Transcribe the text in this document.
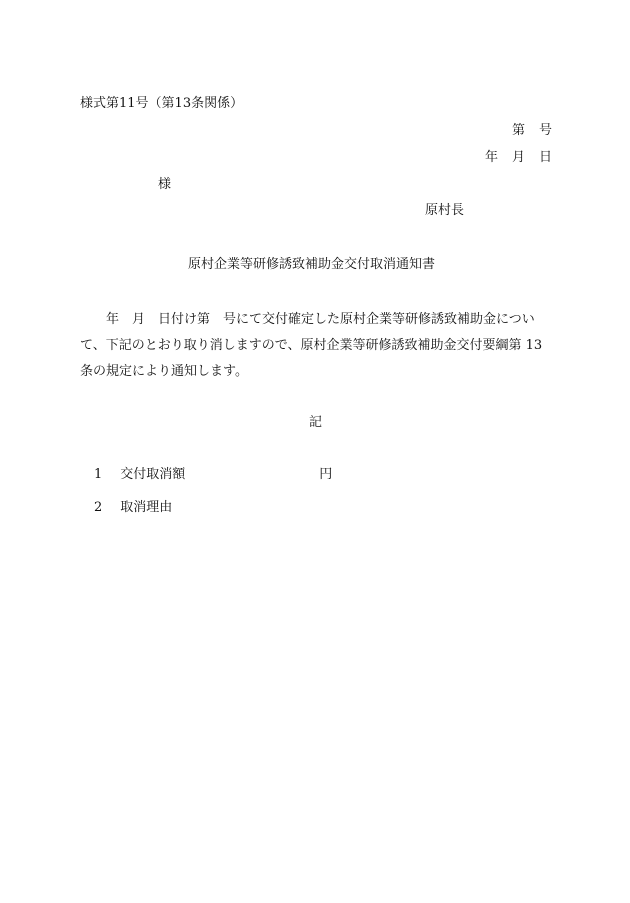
様式第11号（第13条関係）
第 号
年 月 日
様
原村長
原村企業等研修誘致補助金交付取消通知書
年 月 日付け第 号にて交付確定した原村企業等研修誘致補助金につい
て、下記のとおり取り消しますので、原村企業等研修誘致補助金交付要綱第 13
条の規定により通知します。
記
1 交付取消額	円
2 取消理由
